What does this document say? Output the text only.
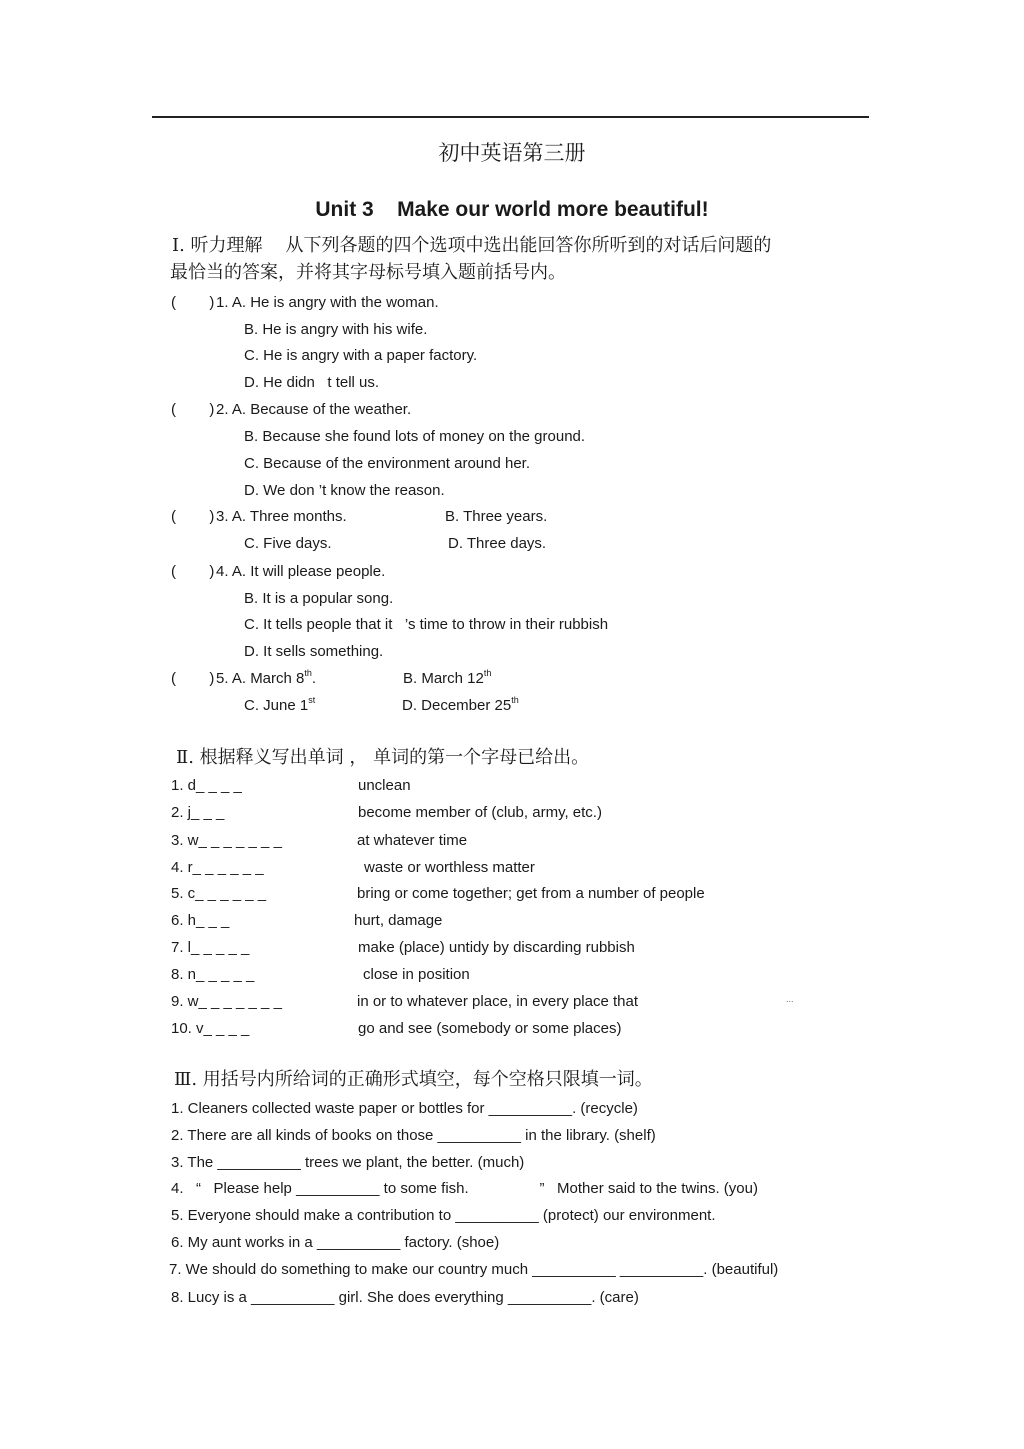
初中英语第三册
Unit 3    Make our world more beautiful!
Ⅰ. 听力理解    从下列各题的四个选项中选出能回答你所听到的对话后问题的
最恰当的答案，并将其字母标号填入题前括号内。
(        ) 1. A. He is angry with the woman.
B. He is angry with his wife.
C. He is angry with a paper factory.
D. He didn   t tell us.
(        ) 2. A. Because of the weather.
B. Because she found lots of money on the ground.
C. Because of the environment around her.
D. We don ’t know the reason.
(        ) 3. A. Three months.	B. Three years.
C. Five days.	D. Three days.
(        ) 4. A. It will please people.
B. It is a popular song.
C. It tells people that it   ’s time to throw in their rubbish
D. It sells something.
(        ) 5. A. March 8th.	B. March 12th
C. June 1st	D. December 25th
Ⅱ. 根据释义写出单词 ， 单词的第一个字母已给出。
1. d_ _ _ _	unclean
2. j_ _ _	become member of (club, army, etc.)
3. w_ _ _ _ _ _ _	at whatever time
4. r_ _ _ _ _ _	waste or worthless matter
5. c_ _ _ _ _ _	bring or come together; get from a number of people
6. h_ _ _	hurt, damage
7. l_ _ _ _ _	make (place) untidy by discarding rubbish
8. n_ _ _ _ _	close in position
9. w_ _ _ _ _ _ _	in or to whatever place, in every place that	...
10. v_ _ _ _	go and see (somebody or some places)
Ⅲ. 用括号内所给词的正确形式填空，每个空格只限填一词。
1. Cleaners collected waste paper or bottles for __________. (recycle)
2. There are all kinds of books on those __________ in the library. (shelf)
3. The __________ trees we plant, the better. (much)
4.   “   Please help __________ to some fish.                 ”   Mother said to the twins. (you)
5. Everyone should make a contribution to __________ (protect) our environment.
6. My aunt works in a __________ factory. (shoe)
7. We should do something to make our country much __________ __________. (beautiful)
8. Lucy is a __________ girl. She does everything __________. (care)
